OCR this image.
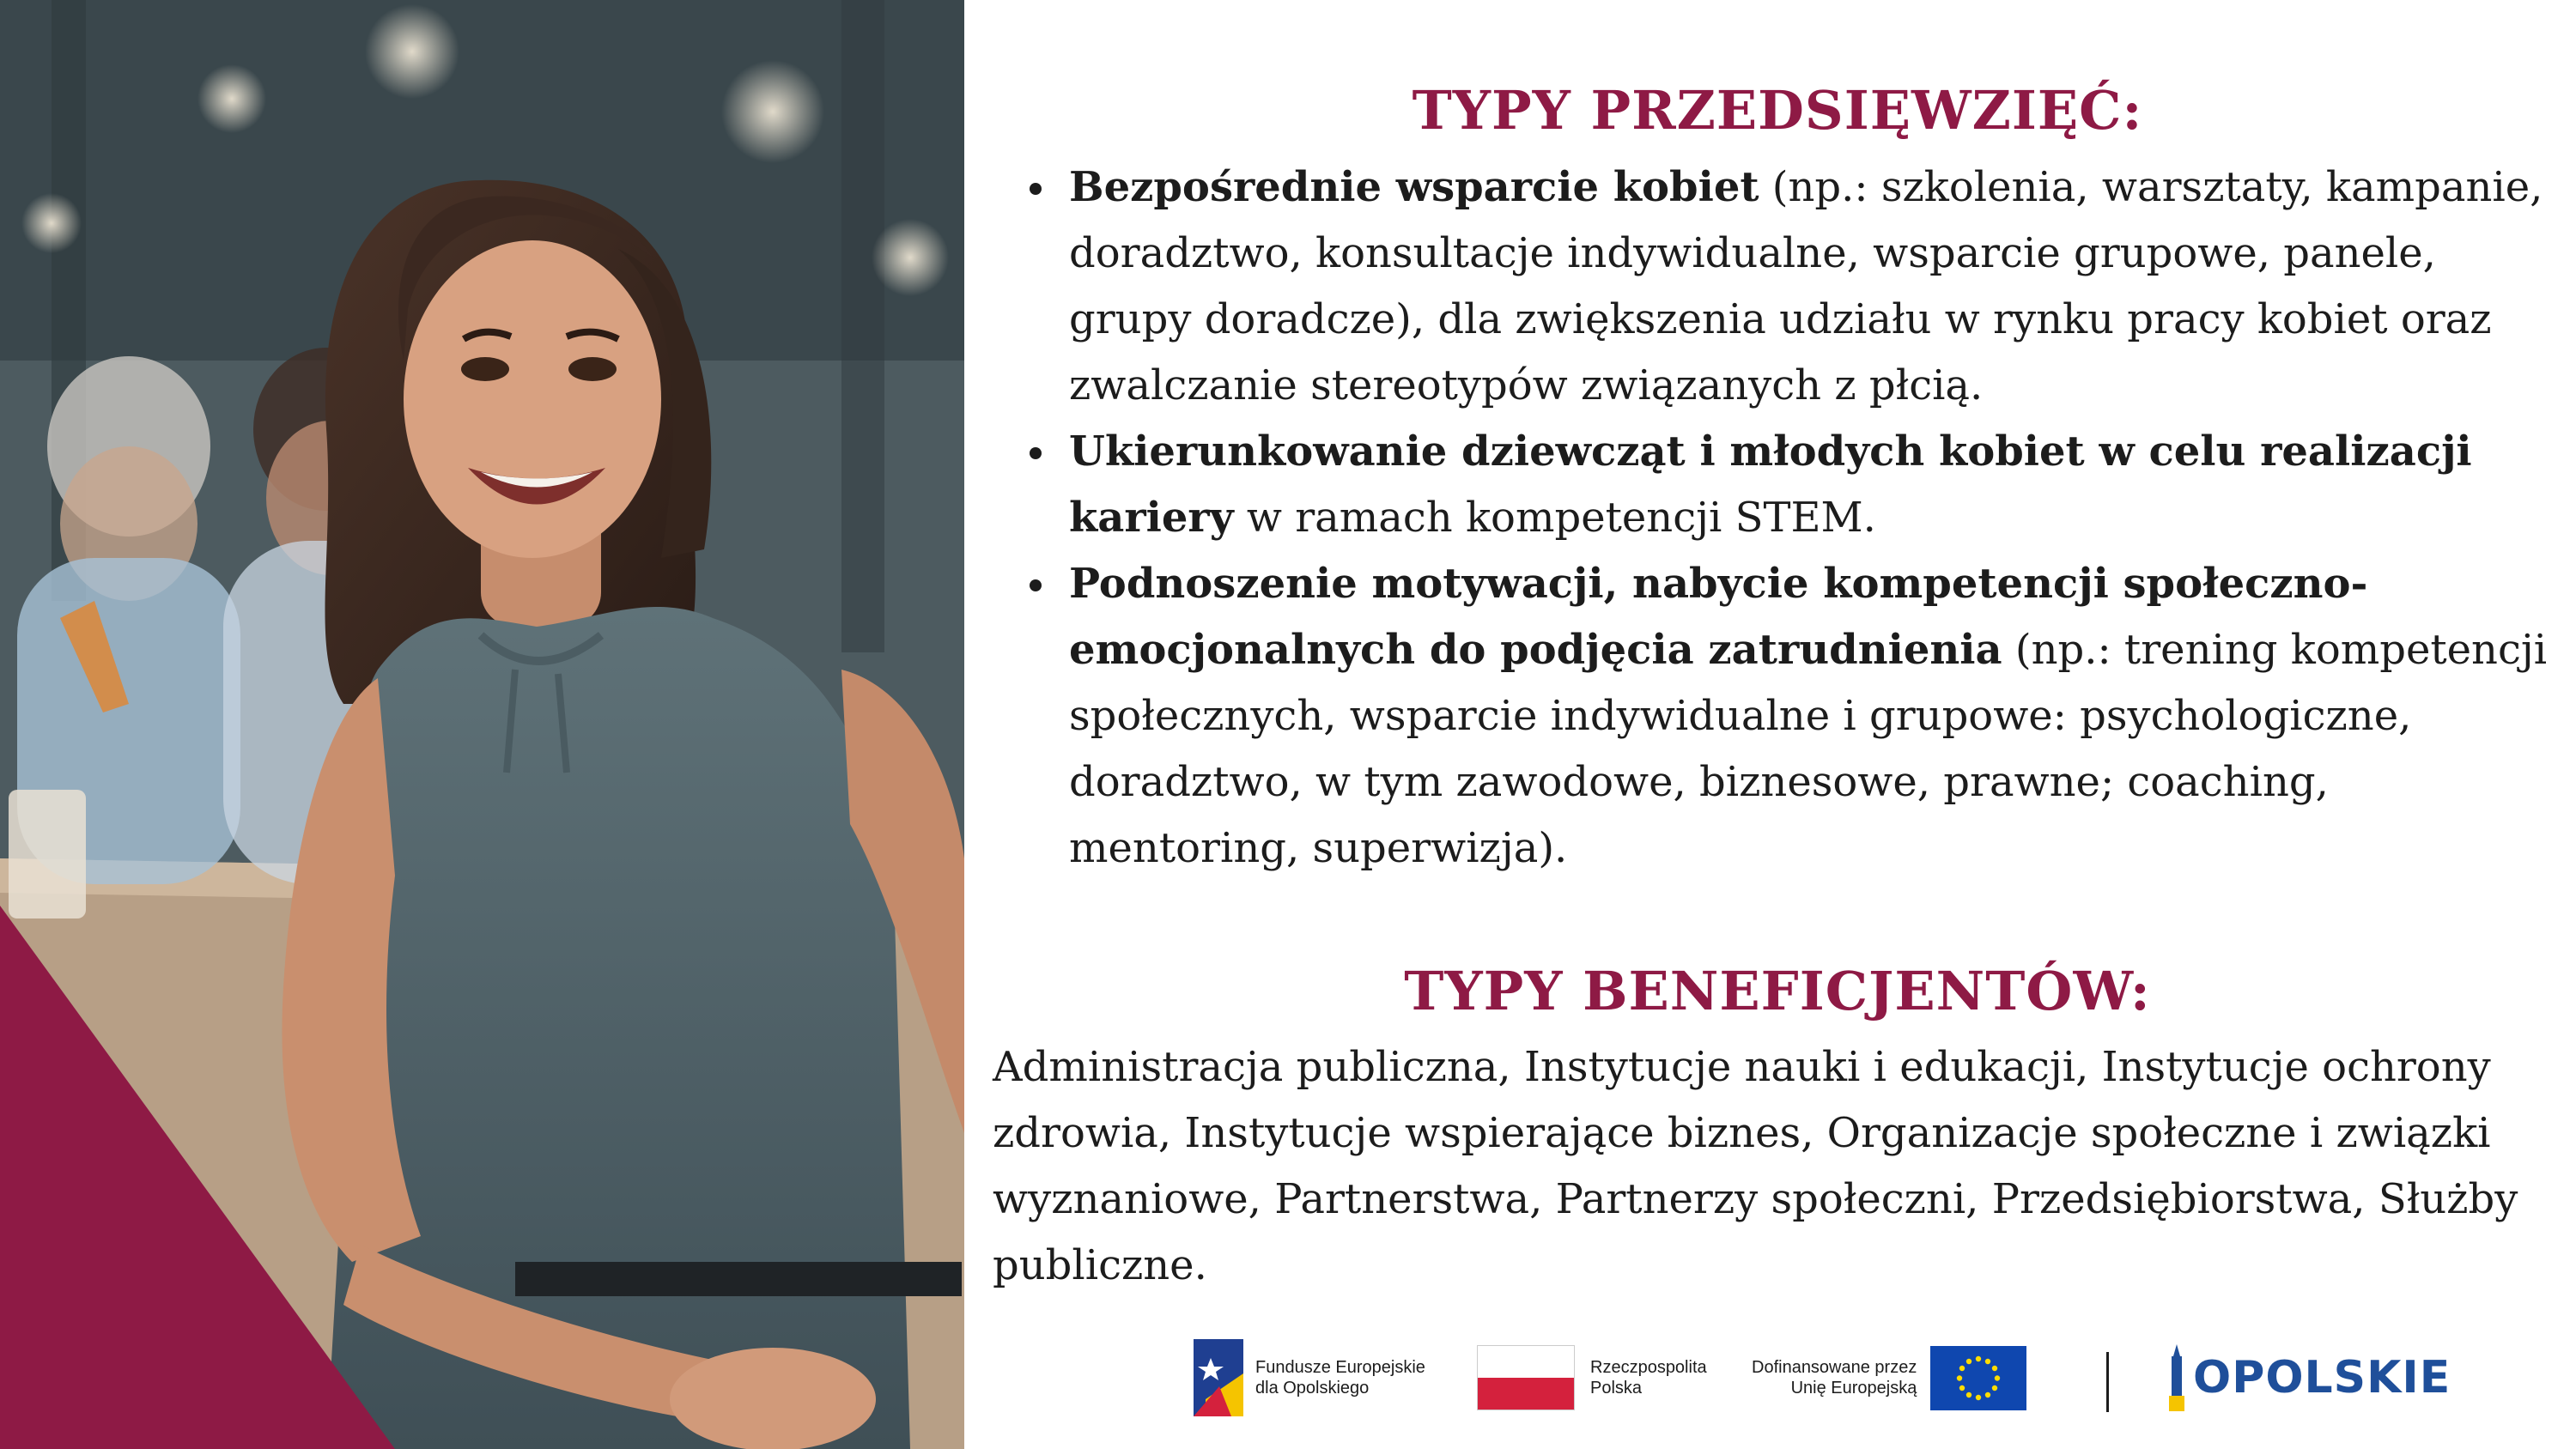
TYPY PRZEDSIĘWZIĘĆ:
Bezpośrednie wsparcie kobiet (np.: szkolenia, warsztaty, kampanie, doradztwo, konsultacje indywidualne, wsparcie grupowe, panele, grupy doradcze), dla zwiększenia udziału w rynku pracy kobiet oraz zwalczanie stereotypów związanych z płcią.
Ukierunkowanie dziewcząt i młodych kobiet w celu realizacji kariery w ramach kompetencji STEM.
Podnoszenie motywacji, nabycie kompetencji społeczno-emocjonalnych do podjęcia zatrudnienia (np.: trening kompetencji społecznych, wsparcie indywidualne i grupowe: psychologiczne, doradztwo, w tym zawodowe, biznesowe, prawne; coaching, mentoring, superwizja).
TYPY BENEFICJENTÓW:

Administracja publiczna, Instytucje nauki i edukacji, Instytucje ochrony zdrowia, Instytucje wspierające biznes, Organizacje społeczne i związki wyznaniowe, Partnerstwa, Partnerzy społeczni, Przedsiębiorstwa, Służby publiczne.

Fundusze Europejskie
dla Opolskiego
Rzeczpospolita
Polska
Dofinansowane przez
Unię Europejską	OPOLSKIE
